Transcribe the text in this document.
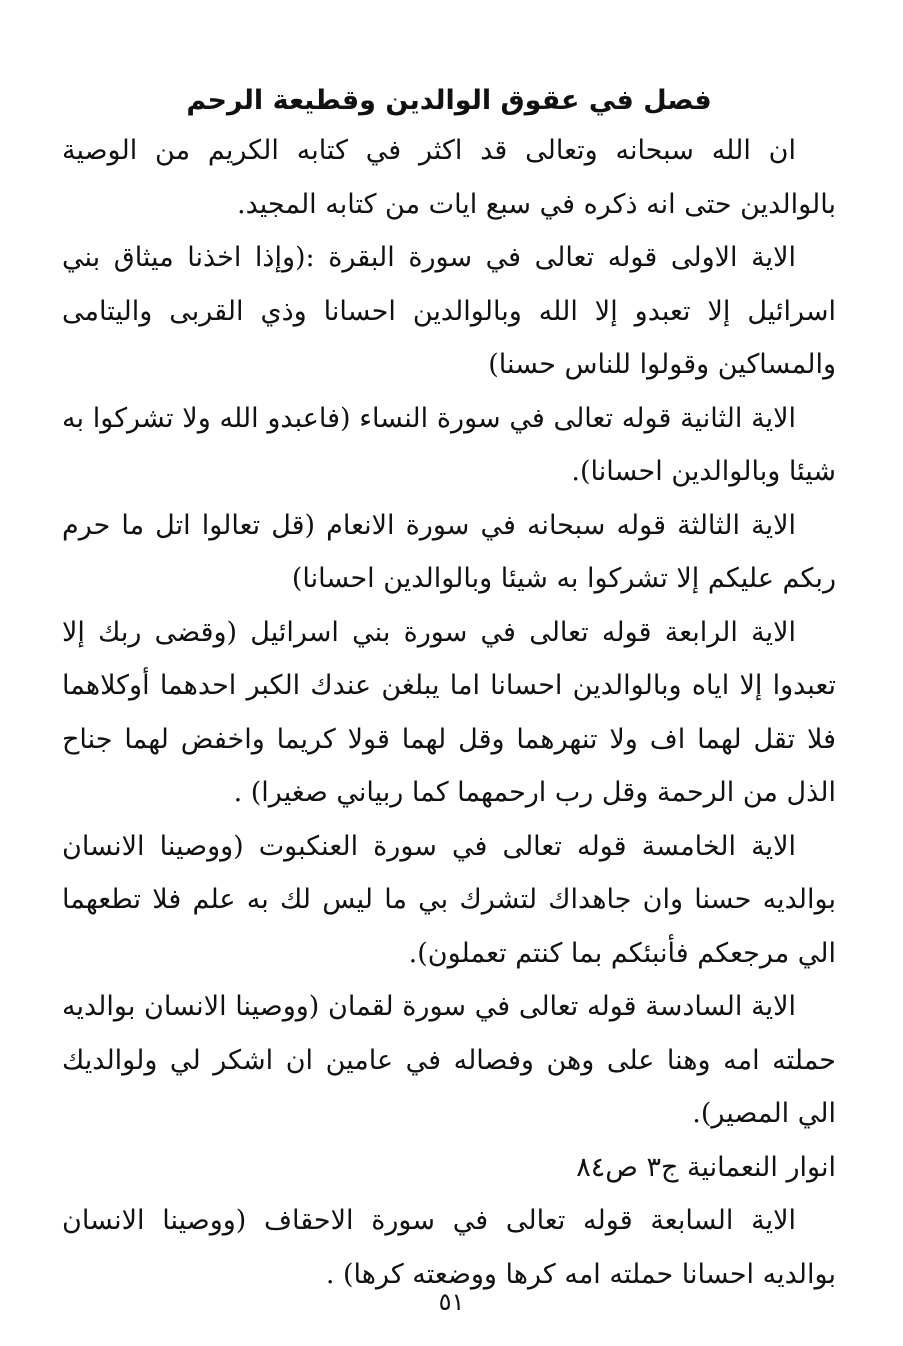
فصل في عقوق الوالدين وقطيعة الرحم

ان الله سبحانه وتعالى قد اكثر في كتابه الكريم من الوصية بالوالدين حتى انه ذكره في سبع ايات من كتابه المجيد.

الاية الاولى قوله تعالى في سورة البقرة :(وإذا اخذنا ميثاق بني اسرائيل إلا تعبدو إلا الله وبالوالدين احسانا وذي القربى واليتامى والمساكين وقولوا للناس حسنا)

الاية الثانية قوله تعالى في سورة النساء (فاعبدو الله ولا تشركوا به شيئا وبالوالدين احسانا).

الاية الثالثة قوله سبحانه في سورة الانعام (قل تعالوا اتل ما حرم ربكم عليكم إلا تشركوا به شيئا وبالوالدين احسانا)

الاية الرابعة قوله تعالى في سورة بني اسرائيل (وقضى ربك إلا تعبدوا إلا اياه وبالوالدين احسانا اما يبلغن عندك الكبر احدهما أوكلاهما فلا تقل لهما اف ولا تنهرهما وقل لهما قولا كريما واخفض لهما جناح الذل من الرحمة وقل رب ارحمهما كما ربياني صغيرا) .

الاية الخامسة قوله تعالى في سورة العنكبوت (ووصينا الانسان بوالديه حسنا وان جاهداك لتشرك بي ما ليس لك به علم فلا تطعهما الي مرجعكم فأنبئكم بما كنتم تعملون).

الاية السادسة قوله تعالى في سورة لقمان (ووصينا الانسان بوالديه حملته امه وهنا على وهن وفصاله في عامين ان اشكر لي ولوالديك الي المصير).

انوار النعمانية ج٣ ص٨٤

الاية السابعة قوله تعالى في سورة الاحقاف (ووصينا الانسان بوالديه احسانا حملته امه كرها ووضعته كرها) .

٥١
